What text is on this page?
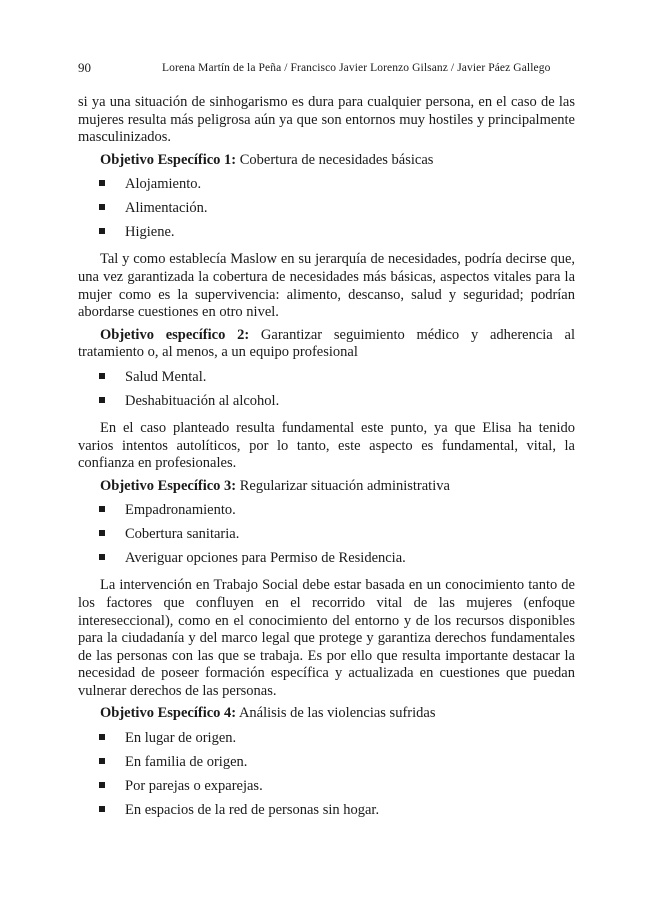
90	Lorena Martín de la Peña / Francisco Javier Lorenzo Gilsanz / Javier Páez Gallego

si ya una situación de sinhogarismo es dura para cualquier persona, en el caso de las mujeres resulta más peligrosa aún ya que son entornos muy hostiles y principalmente masculinizados.

Objetivo Específico 1: Cobertura de necesidades básicas

Alojamiento.
Alimentación.
Higiene.

Tal y como establecía Maslow en su jerarquía de necesidades, podría decirse que, una vez garantizada la cobertura de necesidades más básicas, aspectos vitales para la mujer como es la supervivencia: alimento, descanso, salud y seguridad; podrían abordarse cuestiones en otro nivel.

Objetivo específico 2: Garantizar seguimiento médico y adherencia al tratamiento o, al menos, a un equipo profesional

Salud Mental.
Deshabituación al alcohol.

En el caso planteado resulta fundamental este punto, ya que Elisa ha tenido varios intentos autolíticos, por lo tanto, este aspecto es fundamental, vital, la confianza en profesionales.

Objetivo Específico 3: Regularizar situación administrativa

Empadronamiento.
Cobertura sanitaria.
Averiguar opciones para Permiso de Residencia.

La intervención en Trabajo Social debe estar basada en un conocimiento tanto de los factores que confluyen en el recorrido vital de las mujeres (enfoque intereseccional), como en el conocimiento del entorno y de los recursos disponibles para la ciudadanía y del marco legal que protege y garantiza derechos fundamentales de las personas con las que se trabaja. Es por ello que resulta importante destacar la necesidad de poseer formación específica y actualizada en cuestiones que puedan vulnerar derechos de las personas.

Objetivo Específico 4: Análisis de las violencias sufridas

En lugar de origen.
En familia de origen.
Por parejas o exparejas.
En espacios de la red de personas sin hogar.
